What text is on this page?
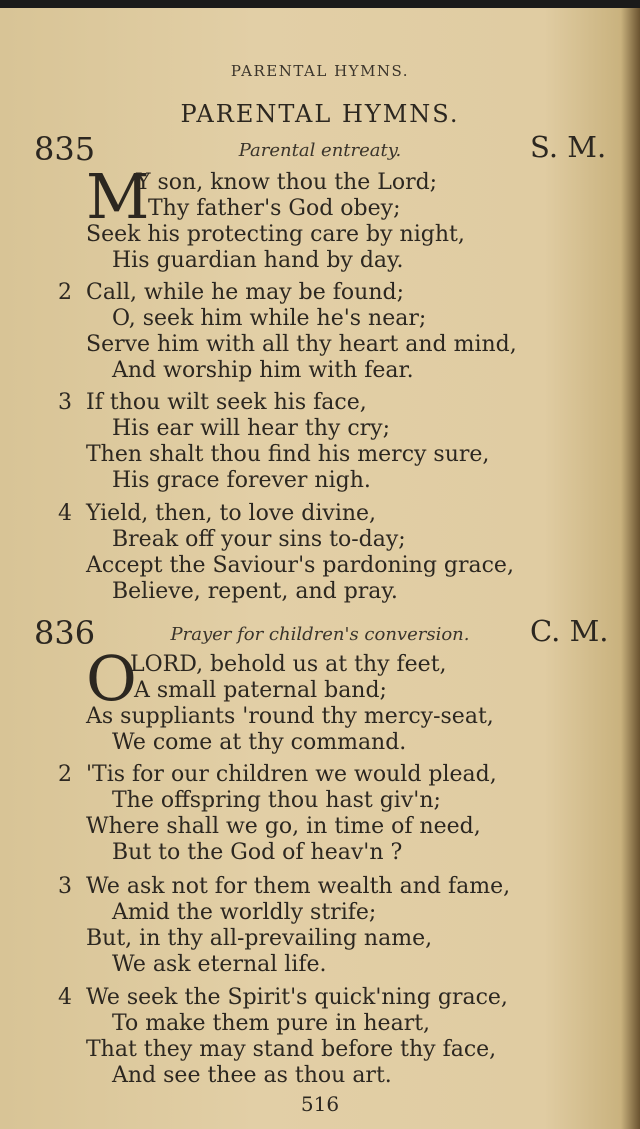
PARENTAL HYMNS.
PARENTAL HYMNS.
835	Parental entreaty.	S. M.
M
Y son, know thou the Lord;
Thy father's God obey;
Seek his protecting care by night,
His guardian hand by day.
2 Call, while he may be found;
O, seek him while he's near;
Serve him with all thy heart and mind,
And worship him with fear.
3 If thou wilt seek his face,
His ear will hear thy cry;
Then shalt thou find his mercy sure,
His grace forever nigh.
4 Yield, then, to love divine,
Break off your sins to-day;
Accept the Saviour's pardoning grace,
Believe, repent, and pray.
836	Prayer for children's conversion.	C. M.
O
LORD, behold us at thy feet,
A small paternal band;
As suppliants 'round thy mercy-seat,
We come at thy command.
2 'Tis for our children we would plead,
The offspring thou hast giv'n;
Where shall we go, in time of need,
But to the God of heav'n ?
3 We ask not for them wealth and fame,
Amid the worldly strife;
But, in thy all-prevailing name,
We ask eternal life.
4 We seek the Spirit's quick'ning grace,
To make them pure in heart,
That they may stand before thy face,
And see thee as thou art.
516
